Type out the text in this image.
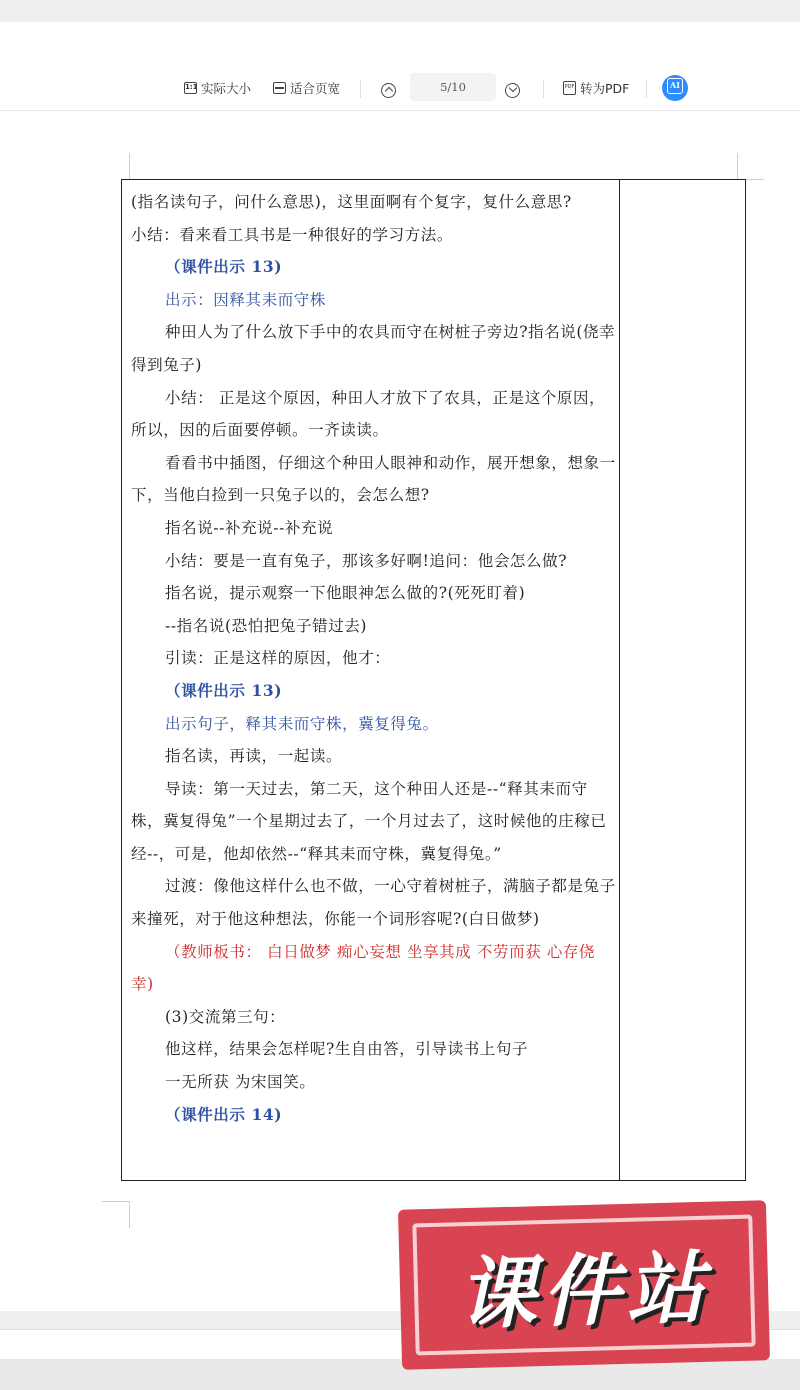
1:1 实际大小	适合页宽	PDF 转为PDF
5/10	AI

(指名读句子，问什么意思)，这里面啊有个复字，复什么意思?

小结：看来看工具书是一种很好的学习方法。

（课件出示 13)

出示：因释其耒而守株

种田人为了什么放下手中的农具而守在树桩子旁边?指名说(侥幸得到兔子)

小结： 正是这个原因，种田人才放下了农具，正是这个原因，所以，因的后面要停顿。一齐读读。

看看书中插图，仔细这个种田人眼神和动作，展开想象，想象一下，当他白捡到一只兔子以的，会怎么想?

指名说--补充说--补充说

小结：要是一直有兔子，那该多好啊!追问：他会怎么做?

指名说，提示观察一下他眼神怎么做的?(死死盯着)

--指名说(恐怕把兔子错过去)

引读：正是这样的原因，他才：

（课件出示 13)

出示句子，释其耒而守株，冀复得兔。

指名读，再读，一起读。

导读：第一天过去，第二天，这个种田人还是--“释其耒而守株，冀复得兔”一个星期过去了，一个月过去了，这时候他的庄稼已经--，可是，他却依然--“释其耒而守株，冀复得兔。”

过渡：像他这样什么也不做，一心守着树桩子，满脑子都是兔子来撞死，对于他这种想法，你能一个词形容呢?(白日做梦)

（教师板书： 白日做梦 痴心妄想 坐享其成 不劳而获 心存侥幸)

(3)交流第三句：

他这样，结果会怎样呢?生自由答，引导读书上句子

一无所获 为宋国笑。

（课件出示 14)

课件站
